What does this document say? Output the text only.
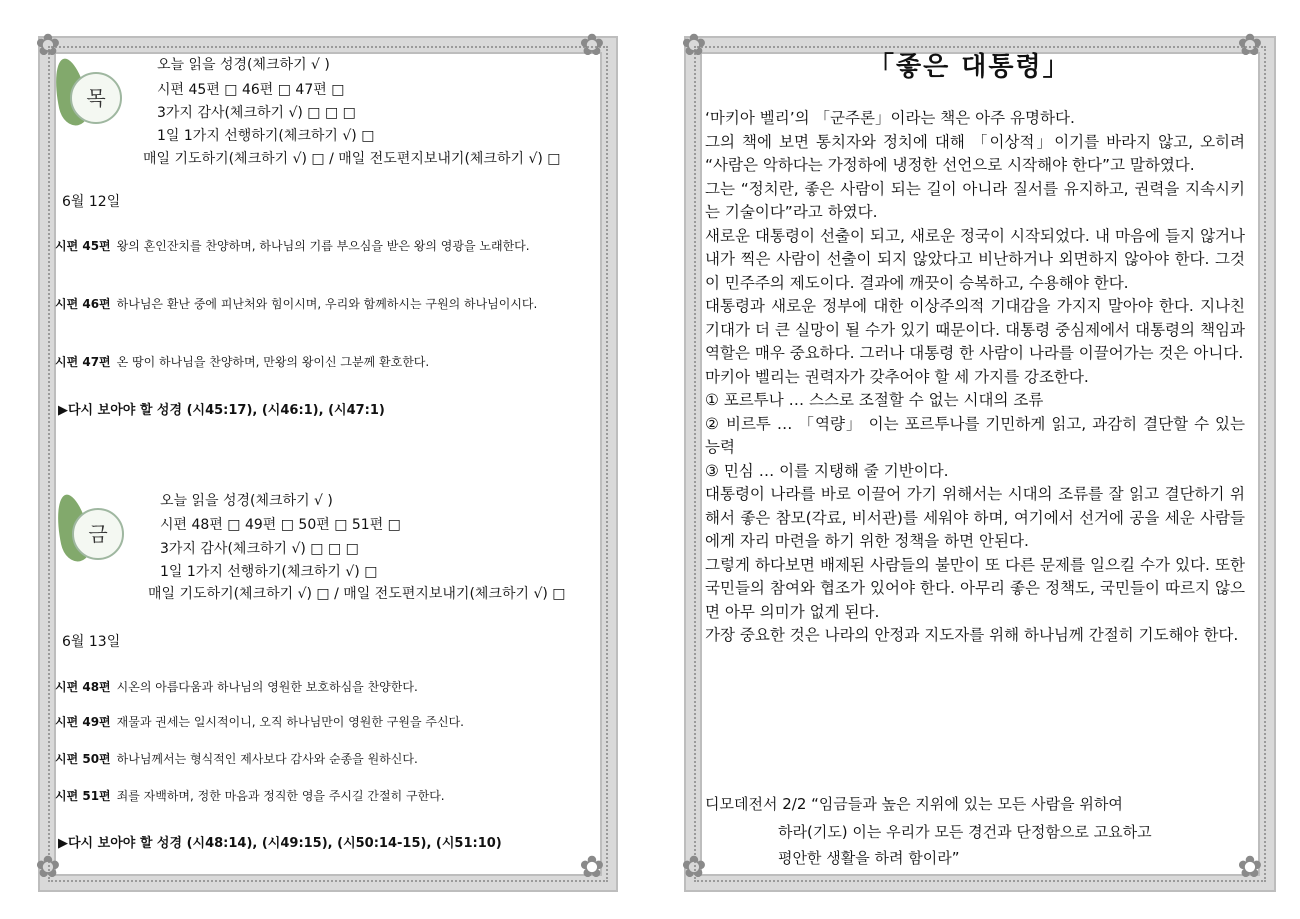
✿	✿
✿	✿
목
오늘 읽을 성경(체크하기 √ )
시편 45편 □ 46편 □ 47편 □
3가지 감사(체크하기 √) □ □ □
1일 1가지 선행하기(체크하기 √) □
매일 기도하기(체크하기 √) □ / 매일 전도편지보내기(체크하기 √) □
6월 12일
시편 45편 왕의 혼인잔치를 찬양하며, 하나님의 기름 부으심을 받은 왕의 영광을 노래한다.
시편 46편 하나님은 환난 중에 피난처와 힘이시며, 우리와 함께하시는 구원의 하나님이시다.
시편 47편 온 땅이 하나님을 찬양하며, 만왕의 왕이신 그분께 환호한다.
▶다시 보아야 할 성경 (시45:17), (시46:1), (시47:1)
금
오늘 읽을 성경(체크하기 √ )
시편 48편 □ 49편 □ 50편 □ 51편 □
3가지 감사(체크하기 √) □ □ □
1일 1가지 선행하기(체크하기 √) □
매일 기도하기(체크하기 √) □ / 매일 전도편지보내기(체크하기 √) □
6월 13일
시편 48편 시온의 아름다움과 하나님의 영원한 보호하심을 찬양한다.
시편 49편 재물과 권세는 일시적이니, 오직 하나님만이 영원한 구원을 주신다.
시편 50편 하나님께서는 형식적인 제사보다 감사와 순종을 원하신다.
시편 51편 죄를 자백하며, 정한 마음과 정직한 영을 주시길 간절히 구한다.
▶다시 보아야 할 성경 (시48:14), (시49:15), (시50:14-15), (시51:10)
✿	✿
✿	✿
「좋은 대통령」

‘마키아 벨리’의 「군주론」이라는 책은 아주 유명하다.

그의 책에 보면 통치자와 정치에 대해 「이상적」이기를 바라지 않고, 오히려 “사람은 악하다는 가정하에 냉정한 선언으로 시작해야 한다”고 말하였다.

그는 “정치란, 좋은 사람이 되는 길이 아니라 질서를 유지하고, 권력을 지속시키는 기술이다”라고 하였다.

새로운 대통령이 선출이 되고, 새로운 정국이 시작되었다. 내 마음에 들지 않거나 내가 찍은 사람이 선출이 되지 않았다고 비난하거나 외면하지 않아야 한다. 그것이 민주주의 제도이다. 결과에 깨끗이 승복하고, 수용해야 한다.

대통령과 새로운 정부에 대한 이상주의적 기대감을 가지지 말아야 한다. 지나친 기대가 더 큰 실망이 될 수가 있기 때문이다. 대통령 중심제에서 대통령의 책임과 역할은 매우 중요하다. 그러나 대통령 한 사람이 나라를 이끌어가는 것은 아니다.

마키아 벨리는 권력자가 갖추어야 할 세 가지를 강조한다.

① 포르투나 … 스스로 조절할 수 없는 시대의 조류

② 비르투 … 「역량」 이는 포르투나를 기민하게 읽고, 과감히 결단할 수 있는 능력

③ 민심 … 이를 지탱해 줄 기반이다.

대통령이 나라를 바로 이끌어 가기 위해서는 시대의 조류를 잘 읽고 결단하기 위해서 좋은 참모(각료, 비서관)를 세워야 하며, 여기에서 선거에 공을 세운 사람들에게 자리 마련을 하기 위한 정책을 하면 안된다.

그렇게 하다보면 배제된 사람들의 불만이 또 다른 문제를 일으킬 수가 있다. 또한 국민들의 참여와 협조가 있어야 한다. 아무리 좋은 정책도, 국민들이 따르지 않으면 아무 의미가 없게 된다.

가장 중요한 것은 나라의 안정과 지도자를 위해 하나님께 간절히 기도해야 한다.

디모데전서 2/2 “임금들과 높은 지위에 있는 모든 사람을 위하여
하라(기도) 이는 우리가 모든 경건과 단정함으로 고요하고
평안한 생활을 하려 함이라”
